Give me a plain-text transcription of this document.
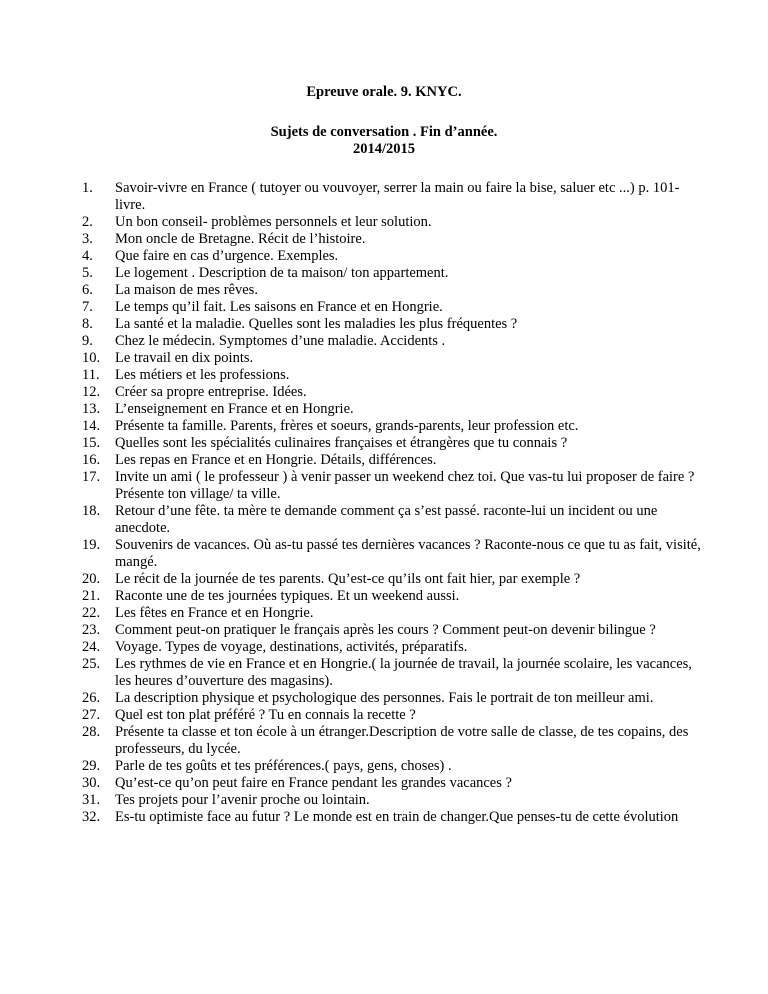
Epreuve orale. 9. KNYC.
Sujets de conversation . Fin d’année.
2014/2015
1. Savoir-vivre en France ( tutoyer ou vouvoyer, serrer la main ou faire la bise, saluer etc ...) p. 101- livre.
2. Un bon conseil- problèmes personnels et leur solution.
3. Mon oncle de Bretagne. Récit de l’histoire.
4. Que faire en cas d’urgence. Exemples.
5. Le logement . Description de ta maison/ ton appartement.
6. La maison de mes rêves.
7. Le temps qu’il fait. Les saisons en France et en Hongrie.
8. La santé et la maladie. Quelles sont les maladies les plus fréquentes ?
9. Chez le médecin. Symptomes d’une maladie. Accidents .
10. Le travail en dix points.
11. Les métiers et les professions.
12. Créer sa propre entreprise. Idées.
13. L’enseignement en France et en Hongrie.
14. Présente ta famille. Parents, frères et soeurs, grands-parents, leur profession etc.
15. Quelles sont les spécialités culinaires françaises et étrangères que tu connais ?
16. Les repas en France et en Hongrie. Détails, différences.
17. Invite un ami ( le professeur ) à venir passer un weekend chez toi. Que vas-tu lui proposer de faire ? Présente ton village/ ta ville.
18. Retour d’une fête. ta mère te demande comment ça s’est passé. raconte-lui un incident ou une anecdote.
19. Souvenirs de vacances. Où as-tu passé tes dernières vacances ? Raconte-nous ce que tu as fait, visité, mangé.
20. Le récit de la journée de tes parents. Qu’est-ce qu’ils ont fait hier, par exemple ?
21. Raconte une de tes journées typiques. Et un weekend aussi.
22. Les fêtes en France et en Hongrie.
23. Comment peut-on pratiquer le français après les cours ? Comment peut-on devenir bilingue ?
24. Voyage. Types de voyage, destinations, activités, préparatifs.
25. Les rythmes de vie en France et en Hongrie.( la journée de travail, la journée scolaire, les vacances, les heures d’ouverture des magasins).
26. La description physique et psychologique des personnes. Fais le portrait de ton meilleur ami.
27. Quel est ton plat préféré ? Tu en connais la recette ?
28. Présente ta classe et ton école à un étranger.Description de votre salle de classe, de tes copains, des professeurs, du lycée.
29. Parle de tes goûts et tes préférences.( pays, gens, choses) .
30. Qu’est-ce qu’on peut faire en France pendant les grandes vacances ?
31. Tes projets pour l’avenir proche ou lointain.
32. Es-tu optimiste face au futur ? Le monde est en train de changer.Que penses-tu de cette évolution
